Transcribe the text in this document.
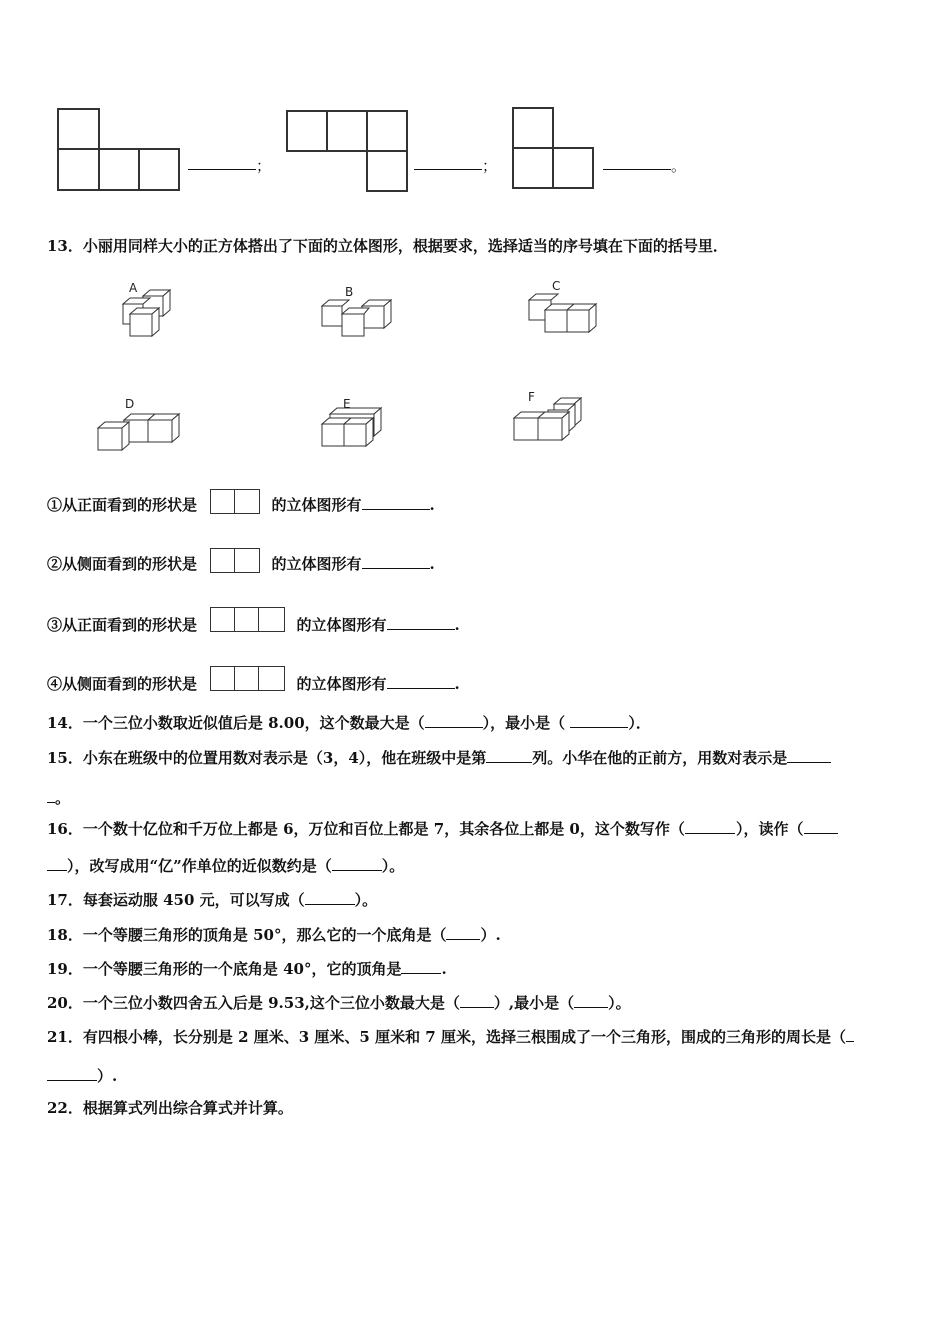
；	；	。
13．小丽用同样大小的正方体搭出了下面的立体图形，根据要求，选择适当的序号填在下面的括号里．
A	B	C
D	E	F
①从正面看到的形状是	的立体图形有	.
②从侧面看到的形状是	的立体图形有	.
③从正面看到的形状是	的立体图形有	.
④从侧面看到的形状是	的立体图形有	.
14．一个三位小数取近似值后是 8.00，这个数最大是（	），最小是（	）．
15．小东在班级中的位置用数对表示是（3，4），他在班级中是第	列。小华在他的正前方，用数对表示是
。
16．一个数十亿位和千万位上都是 6，万位和百位上都是 7，其余各位上都是 0，这个数写作（	），读作（
），改写成用“亿”作单位的近似数约是（	）。
17．每套运动服 450 元，可以写成（	）。
18．一个等腰三角形的顶角是 50°，那么它的一个底角是（ ）.
19．一个等腰三角形的一个底角是 40°，它的顶角是	.
20．一个三位小数四舍五入后是 9.53,这个三位小数最大是（ ）,最小是（ ）。
21．有四根小棒，长分别是 2 厘米、3 厘米、5 厘米和 7 厘米，选择三根围成了一个三角形，围成的三角形的周长是（
）.
22．根据算式列出综合算式并计算。
